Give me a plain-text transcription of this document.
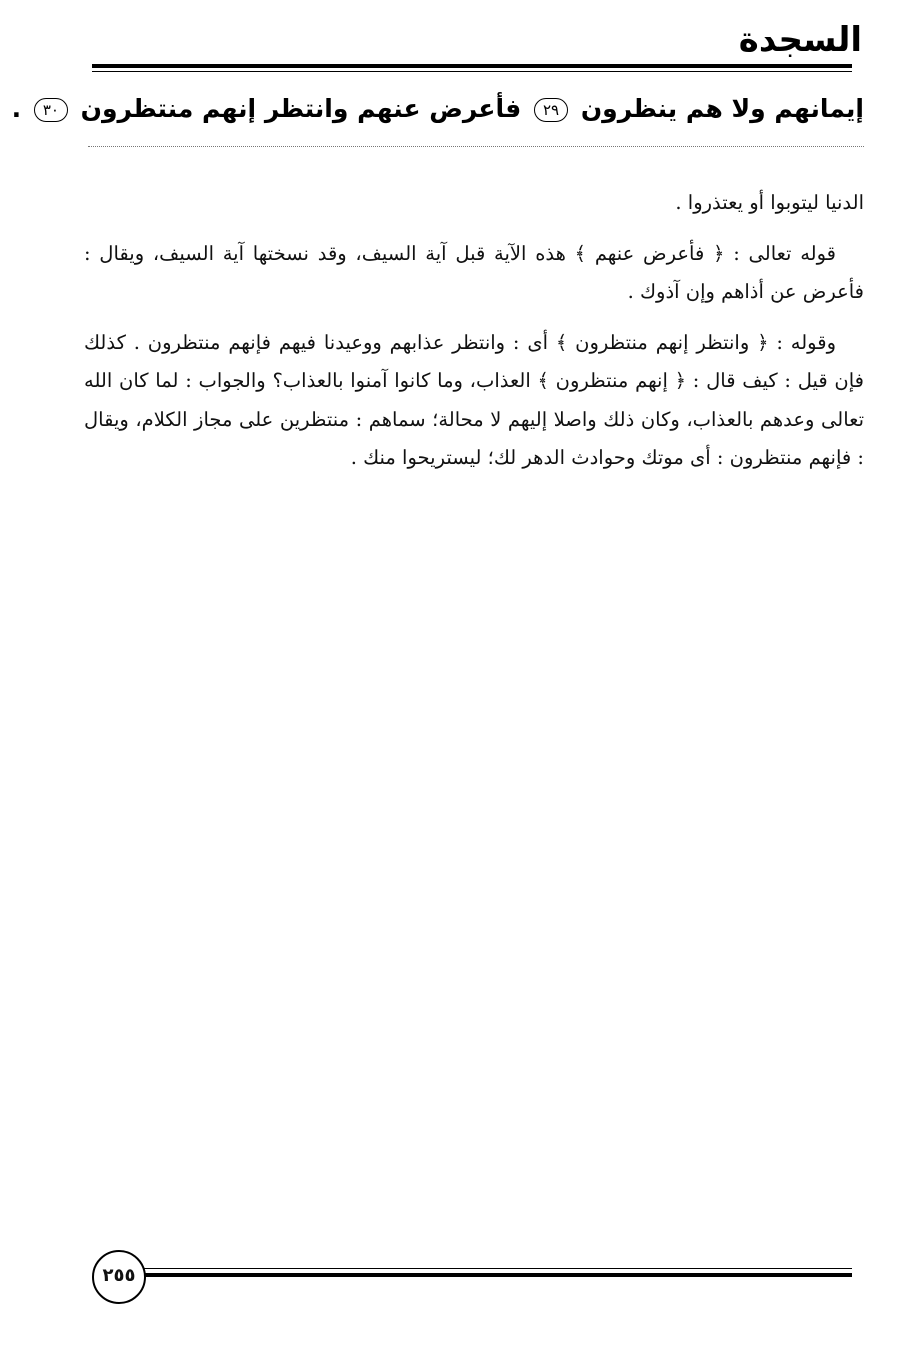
السجدة
إيمانهم ولا هم ينظرون ٢٩ فأعرض عنهم وانتظر إنهم منتظرون ٣٠ .

الدنيا ليتوبوا أو يعتذروا .

قوله تعالى : ﴿ فأعرض عنهم ﴾ هذه الآية قبل آية السيف، وقد نسختها آية السيف، ويقال : فأعرض عن أذاهم وإن آذوك .

وقوله : ﴿ وانتظر إنهم منتظرون ﴾ أى : وانتظر عذابهم ووعيدنا فيهم فإنهم منتظرون . كذلك فإن قيل : كيف قال : ﴿ إنهم منتظرون ﴾ العذاب، وما كانوا آمنوا بالعذاب؟ والجواب : لما كان الله تعالى وعدهم بالعذاب، وكان ذلك واصلا إليهم لا محالة؛ سماهم : منتظرين على مجاز الكلام، ويقال : فإنهم منتظرون : أى موتك وحوادث الدهر لك؛ ليستريحوا منك .

٢٥٥
